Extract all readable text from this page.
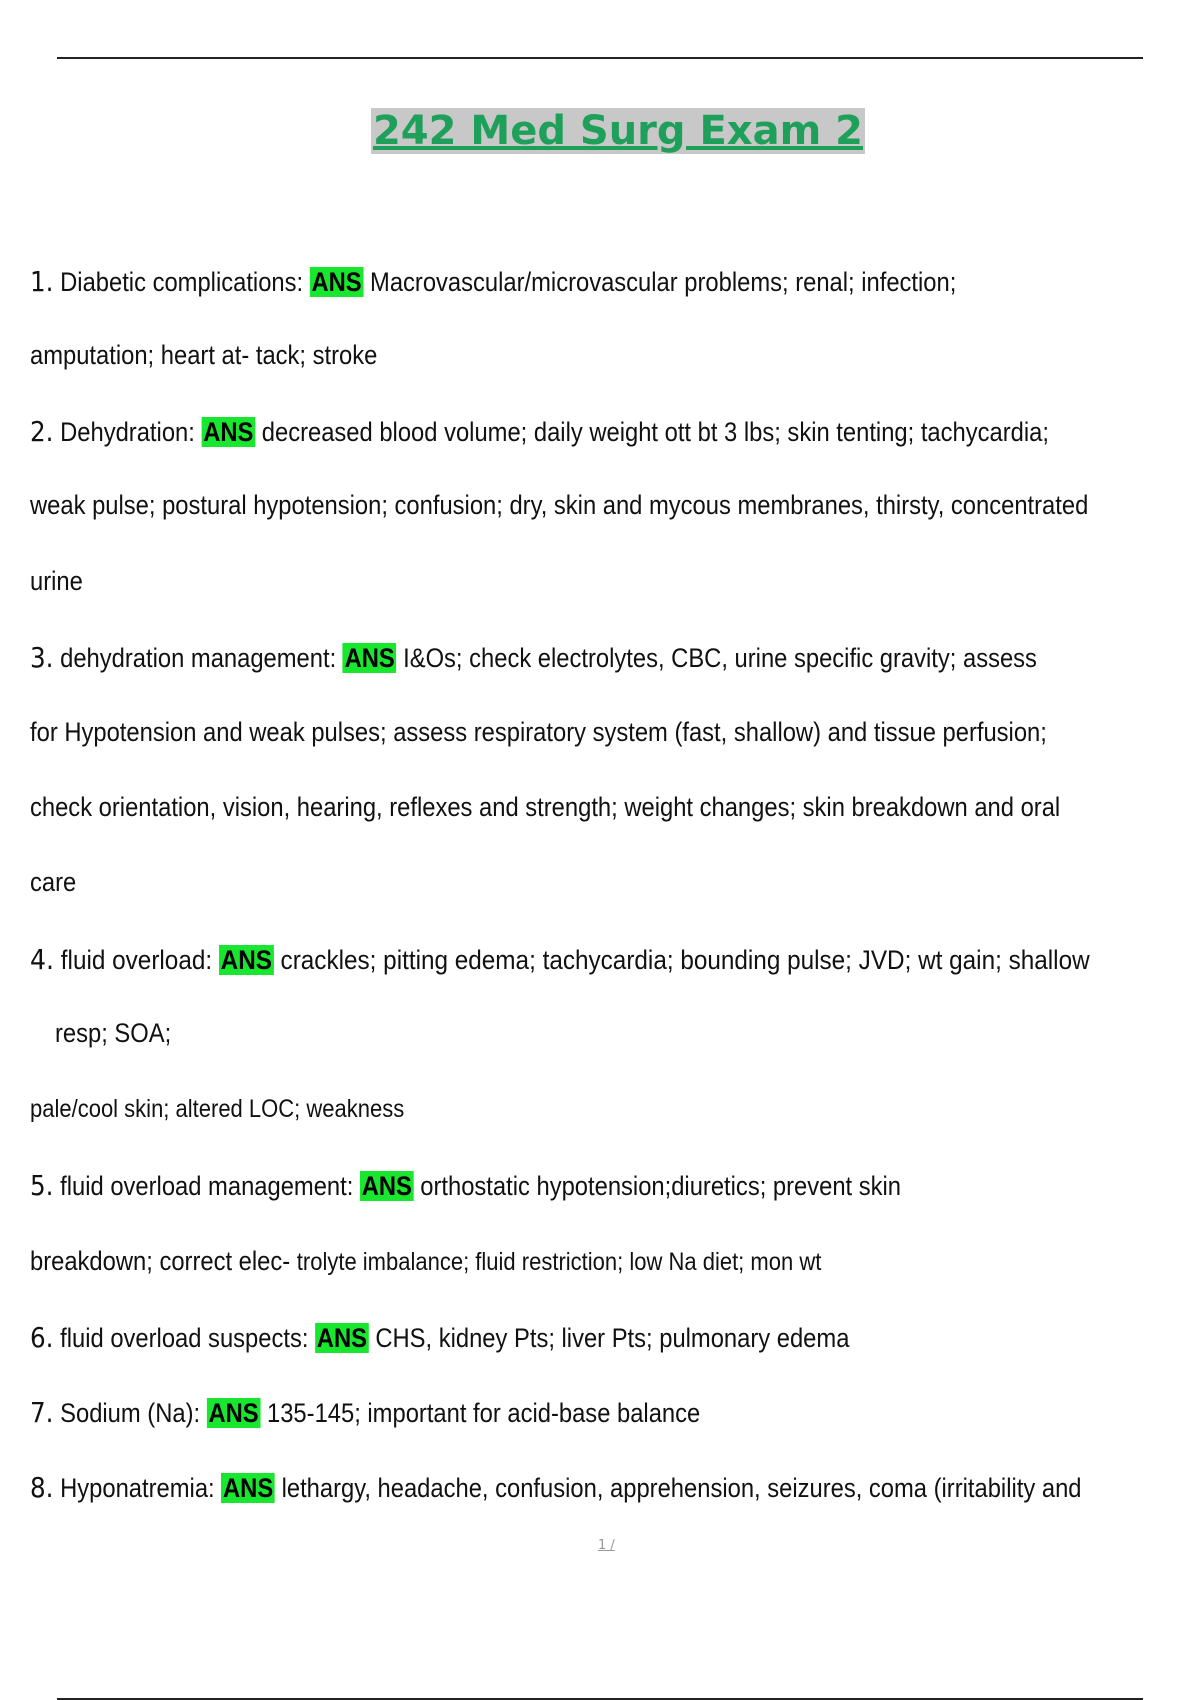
242 Med Surg Exam 2
1. Diabetic complications: ANS Macrovascular/microvascular problems; renal; infection;
amputation; heart at- tack; stroke
2. Dehydration: ANS decreased blood volume; daily weight ott bt 3 lbs; skin tenting; tachycardia;
weak pulse; postural hypotension; confusion; dry, skin and mycous membranes, thirsty, concentrated
urine
3. dehydration management: ANS I&Os; check electrolytes, CBC, urine specific gravity; assess
for Hypotension and weak pulses; assess respiratory system (fast, shallow) and tissue perfusion;
check orientation, vision, hearing, reflexes and strength; weight changes; skin breakdown and oral
care
4. fluid overload: ANS crackles; pitting edema; tachycardia; bounding pulse; JVD; wt gain; shallow
resp; SOA;
pale/cool skin; altered LOC; weakness
5. fluid overload management: ANS orthostatic hypotension;diuretics; prevent skin
breakdown; correct elec- trolyte imbalance; fluid restriction; low Na diet; mon wt
6. fluid overload suspects: ANS CHS, kidney Pts; liver Pts; pulmonary edema
7. Sodium (Na): ANS 135-145; important for acid-base balance
8. Hyponatremia: ANS lethargy, headache, confusion, apprehension, seizures, coma (irritability and
1 /
